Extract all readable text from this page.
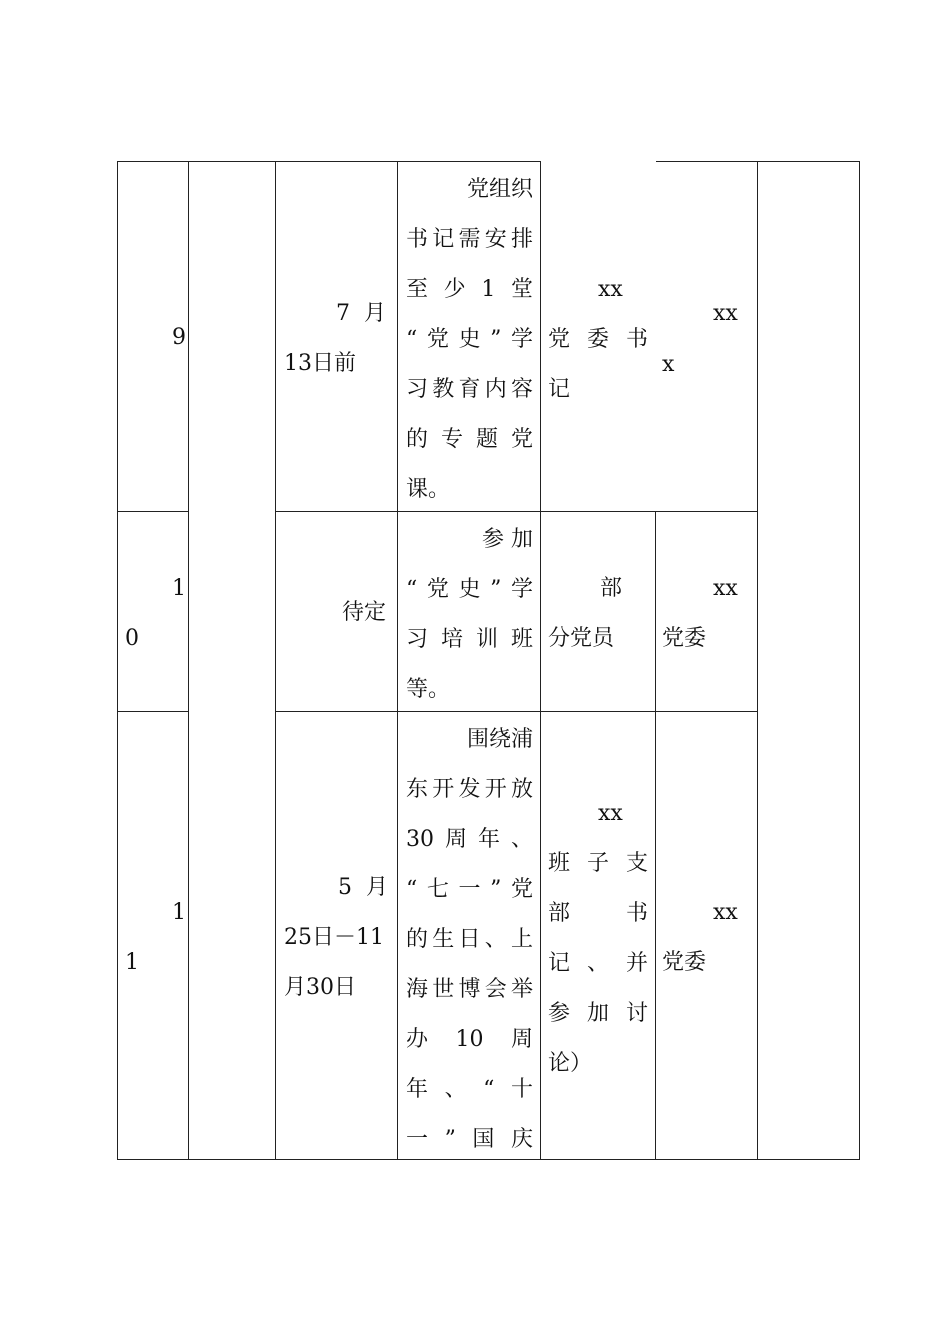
9
7  月
13日前
党组织
书记需安排
至少1堂
“党史”学
习教育内容
的专题党
课。
xx
党委书
记
xx
x
1
0
待定
参 加
“党史”学
习培训班
等。
部
分党员
xx
党委
1
1
5  月
25日－11
月30日
围绕浦
东开发开放
30周年、
“七一”党
的生日、上
海世博会举
办10周
年、“十
一”国庆
xx
班子支
部  书
记、并
参加讨
论）
xx
党委
